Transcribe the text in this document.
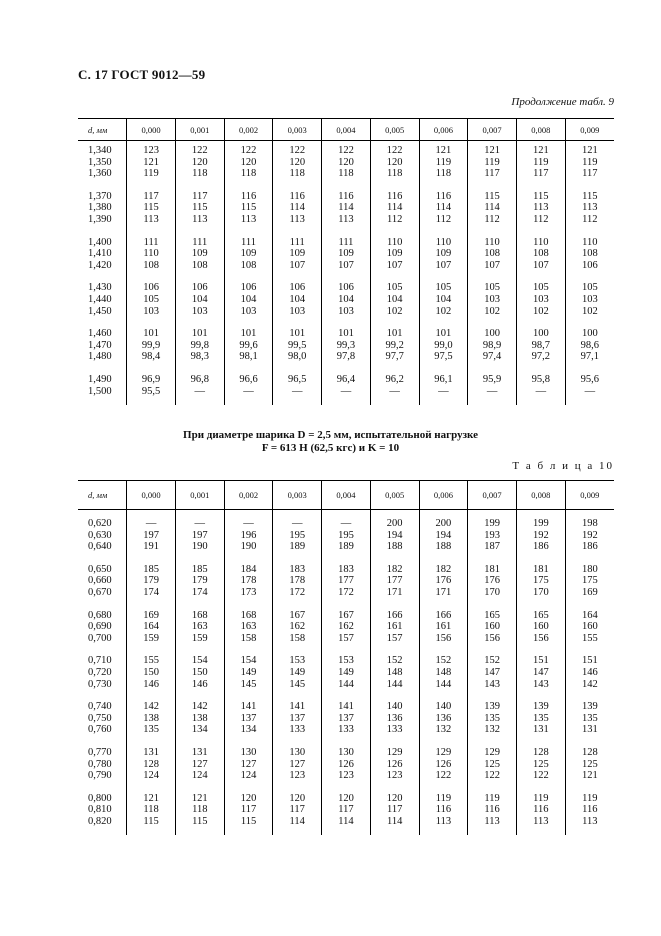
С. 17 ГОСТ 9012—59
Продолжение табл. 9
d, мм	0,000	0,001	0,002	0,003	0,004	0,005	0,006	0,007	0,008	0,009

1,340	123	122	122	122	122	122	121	121	121	121
1,350	121	120	120	120	120	120	119	119	119	119
1,360	119	118	118	118	118	118	118	117	117	117

1,370	117	117	116	116	116	116	116	115	115	115
1,380	115	115	115	114	114	114	114	114	113	113
1,390	113	113	113	113	113	112	112	112	112	112

1,400	111	111	111	111	111	110	110	110	110	110
1,410	110	109	109	109	109	109	109	108	108	108
1,420	108	108	108	107	107	107	107	107	107	106

1,430	106	106	106	106	106	105	105	105	105	105
1,440	105	104	104	104	104	104	104	103	103	103
1,450	103	103	103	103	103	102	102	102	102	102

1,460	101	101	101	101	101	101	101	100	100	100
1,470	99,9	99,8	99,6	99,5	99,3	99,2	99,0	98,9	98,7	98,6
1,480	98,4	98,3	98,1	98,0	97,8	97,7	97,5	97,4	97,2	97,1

1,490	96,9	96,8	96,6	96,5	96,4	96,2	96,1	95,9	95,8	95,6
1,500	95,5	—	—	—	—	—	—	—	—	—

При диаметре шарика D = 2,5 мм, испытательной нагрузке
F = 613 Н (62,5 кгс) и K = 10
Т а б л и ц а 10
d, мм	0,000	0,001	0,002	0,003	0,004	0,005	0,006	0,007	0,008	0,009

0,620	—	—	—	—	—	200	200	199	199	198
0,630	197	197	196	195	195	194	194	193	192	192
0,640	191	190	190	189	189	188	188	187	186	186

0,650	185	185	184	183	183	182	182	181	181	180
0,660	179	179	178	178	177	177	176	176	175	175
0,670	174	174	173	172	172	171	171	170	170	169

0,680	169	168	168	167	167	166	166	165	165	164
0,690	164	163	163	162	162	161	161	160	160	160
0,700	159	159	158	158	157	157	156	156	156	155

0,710	155	154	154	153	153	152	152	152	151	151
0,720	150	150	149	149	149	148	148	147	147	146
0,730	146	146	145	145	144	144	144	143	143	142

0,740	142	142	141	141	141	140	140	139	139	139
0,750	138	138	137	137	137	136	136	135	135	135
0,760	135	134	134	133	133	133	132	132	131	131

0,770	131	131	130	130	130	129	129	129	128	128
0,780	128	127	127	127	126	126	126	125	125	125
0,790	124	124	124	123	123	123	122	122	122	121

0,800	121	121	120	120	120	120	119	119	119	119
0,810	118	118	117	117	117	117	116	116	116	116
0,820	115	115	115	114	114	114	113	113	113	113
